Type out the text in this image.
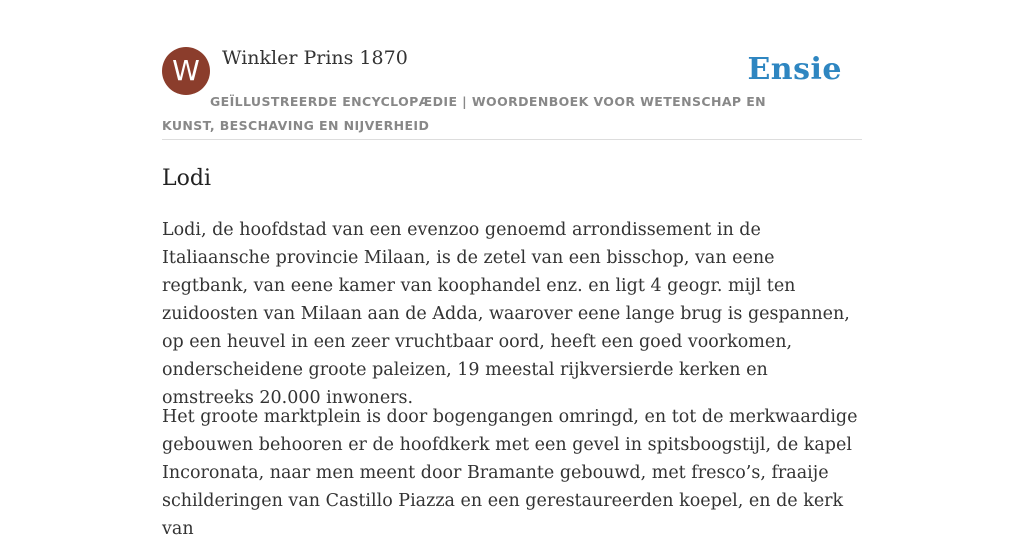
W	Winkler Prins 1870	Ensie
GEÏLLUSTREERDE ENCYCLOPÆDIE | WOORDENBOEK VOOR WETENSCHAP EN KUNST, BESCHAVING EN NIJVERHEID
Lodi

Lodi, de hoofdstad van een evenzoo genoemd arrondissement in de Italiaansche provincie Milaan, is de zetel van een bisschop, van eene regtbank, van eene kamer van koophandel enz. en ligt 4 geogr. mijl ten zuidoosten van Milaan aan de Adda, waarover eene lange brug is gespannen, op een heuvel in een zeer vruchtbaar oord, heeft een goed voorkomen, onderscheidene groote paleizen, 19 meestal rijkversierde kerken en omstreeks 20.000 inwoners.

Het groote marktplein is door bogengangen omringd, en tot de merkwaardige gebouwen behooren er de hoofdkerk met een gevel in spitsboogstijl, de kapel Incoronata, naar men meent door Bramante gebouwd, met fresco’s, fraaije schilderingen van Castillo Piazza en een gerestaureerden koepel, en de kerk van
